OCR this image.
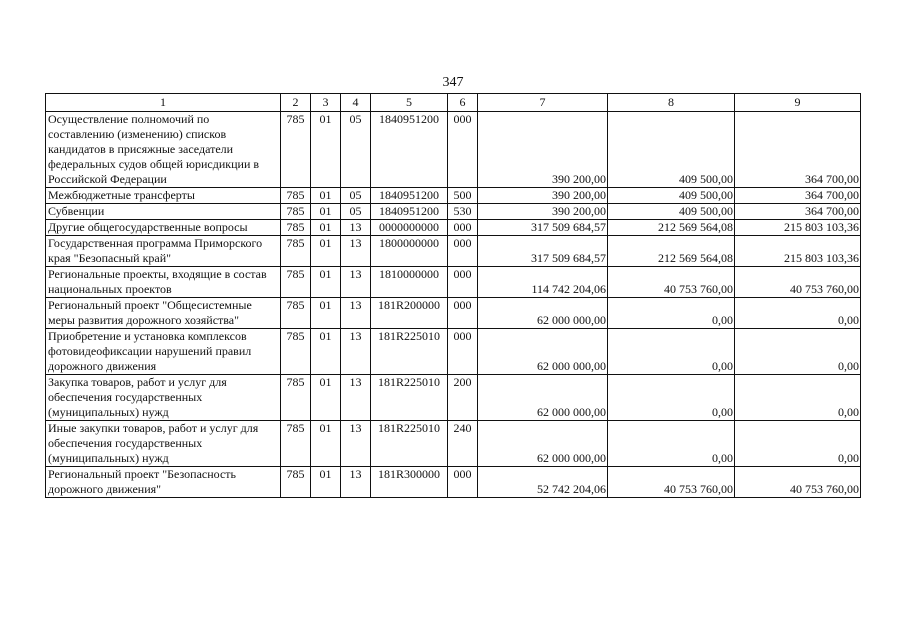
347
1	2	3	4	5	6	7	8	9
Осуществление полномочий по составлению (изменению) списков кандидатов в присяжные заседатели федеральных судов общей юрисдикции в Российской Федерации	785	01	05	1840951200	000	390 200,00	409 500,00	364 700,00
Межбюджетные трансферты	785	01	05	1840951200	500	390 200,00	409 500,00	364 700,00
Субвенции	785	01	05	1840951200	530	390 200,00	409 500,00	364 700,00
Другие общегосударственные вопросы	785	01	13	0000000000	000	317 509 684,57	212 569 564,08	215 803 103,36
Государственная программа Приморского края "Безопасный край"	785	01	13	1800000000	000	317 509 684,57	212 569 564,08	215 803 103,36
Региональные проекты, входящие в состав национальных проектов	785	01	13	1810000000	000	114 742 204,06	40 753 760,00	40 753 760,00
Региональный проект "Общесистемные меры развития дорожного хозяйства"	785	01	13	181R200000	000	62 000 000,00	0,00	0,00
Приобретение и установка комплексов фотовидеофиксации нарушений правил дорожного движения	785	01	13	181R225010	000	62 000 000,00	0,00	0,00
Закупка товаров, работ и услуг для обеспечения государственных (муниципальных) нужд	785	01	13	181R225010	200	62 000 000,00	0,00	0,00
Иные закупки товаров, работ и услуг для обеспечения государственных (муниципальных) нужд	785	01	13	181R225010	240	62 000 000,00	0,00	0,00
Региональный проект "Безопасность дорожного движения"	785	01	13	181R300000	000	52 742 204,06	40 753 760,00	40 753 760,00
